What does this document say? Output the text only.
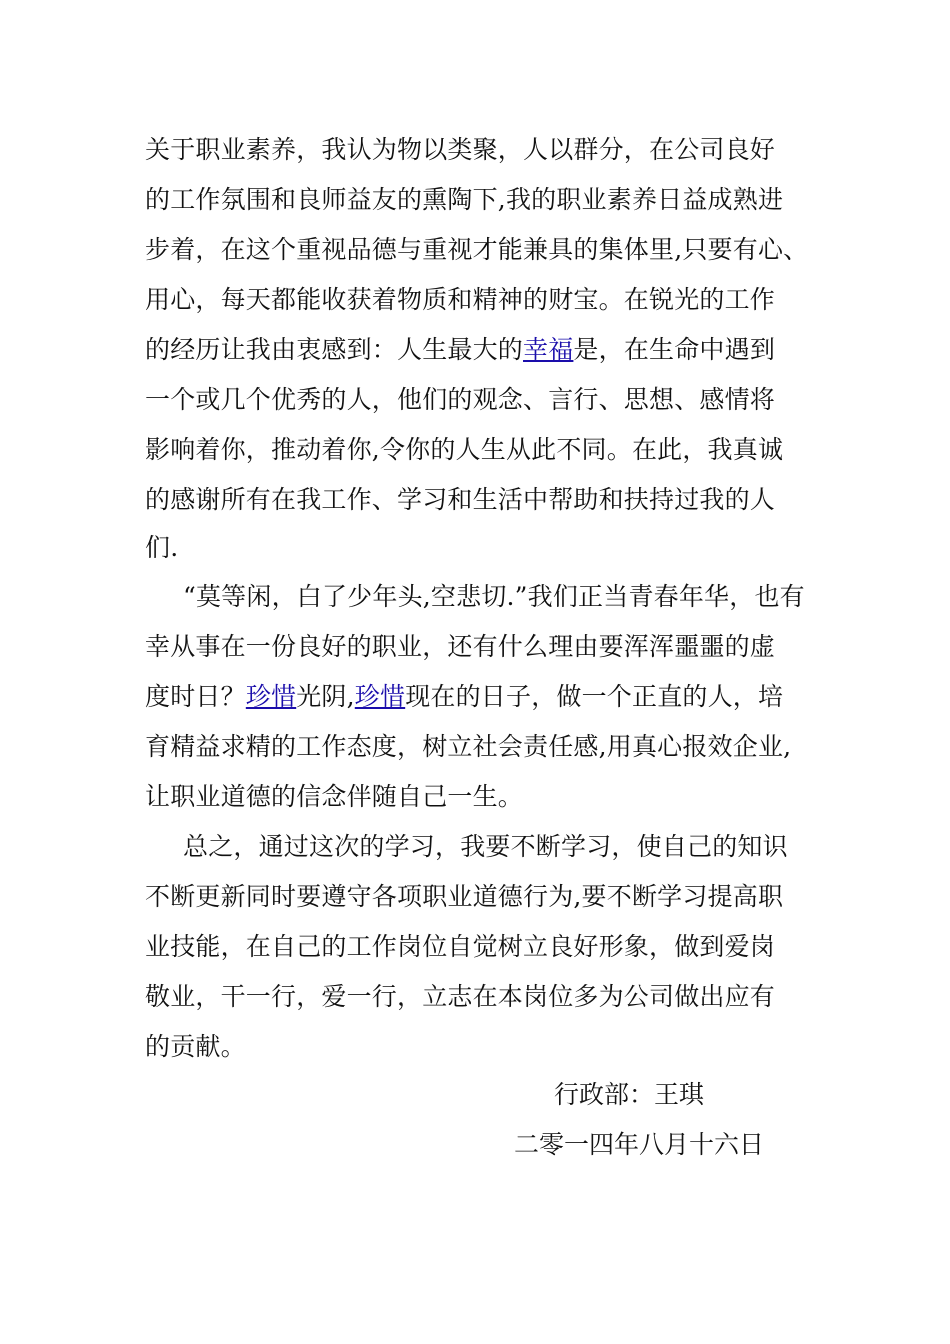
关于职业素养，我认为物以类聚，人以群分，在公司良好
的工作氛围和良师益友的熏陶下,我的职业素养日益成熟进
步着，在这个重视品德与重视才能兼具的集体里,只要有心、
用心，每天都能收获着物质和精神的财宝。在锐光的工作
的经历让我由衷感到：人生最大的幸福是，在生命中遇到
一个或几个优秀的人，他们的观念、言行、思想、感情将
影响着你，推动着你,令你的人生从此不同。在此，我真诚
的感谢所有在我工作、学习和生活中帮助和扶持过我的人
们.
“莫等闲，白了少年头,空悲切.”我们正当青春年华，也有
幸从事在一份良好的职业，还有什么理由要浑浑噩噩的虚
度时日？珍惜光阴,珍惜现在的日子，做一个正直的人，培
育精益求精的工作态度，树立社会责任感,用真心报效企业,
让职业道德的信念伴随自己一生。
总之，通过这次的学习，我要不断学习，使自己的知识
不断更新同时要遵守各项职业道德行为,要不断学习提高职
业技能，在自己的工作岗位自觉树立良好形象，做到爱岗
敬业，干一行，爱一行，立志在本岗位多为公司做出应有
的贡献。
行政部：王琪
二零一四年八月十六日
